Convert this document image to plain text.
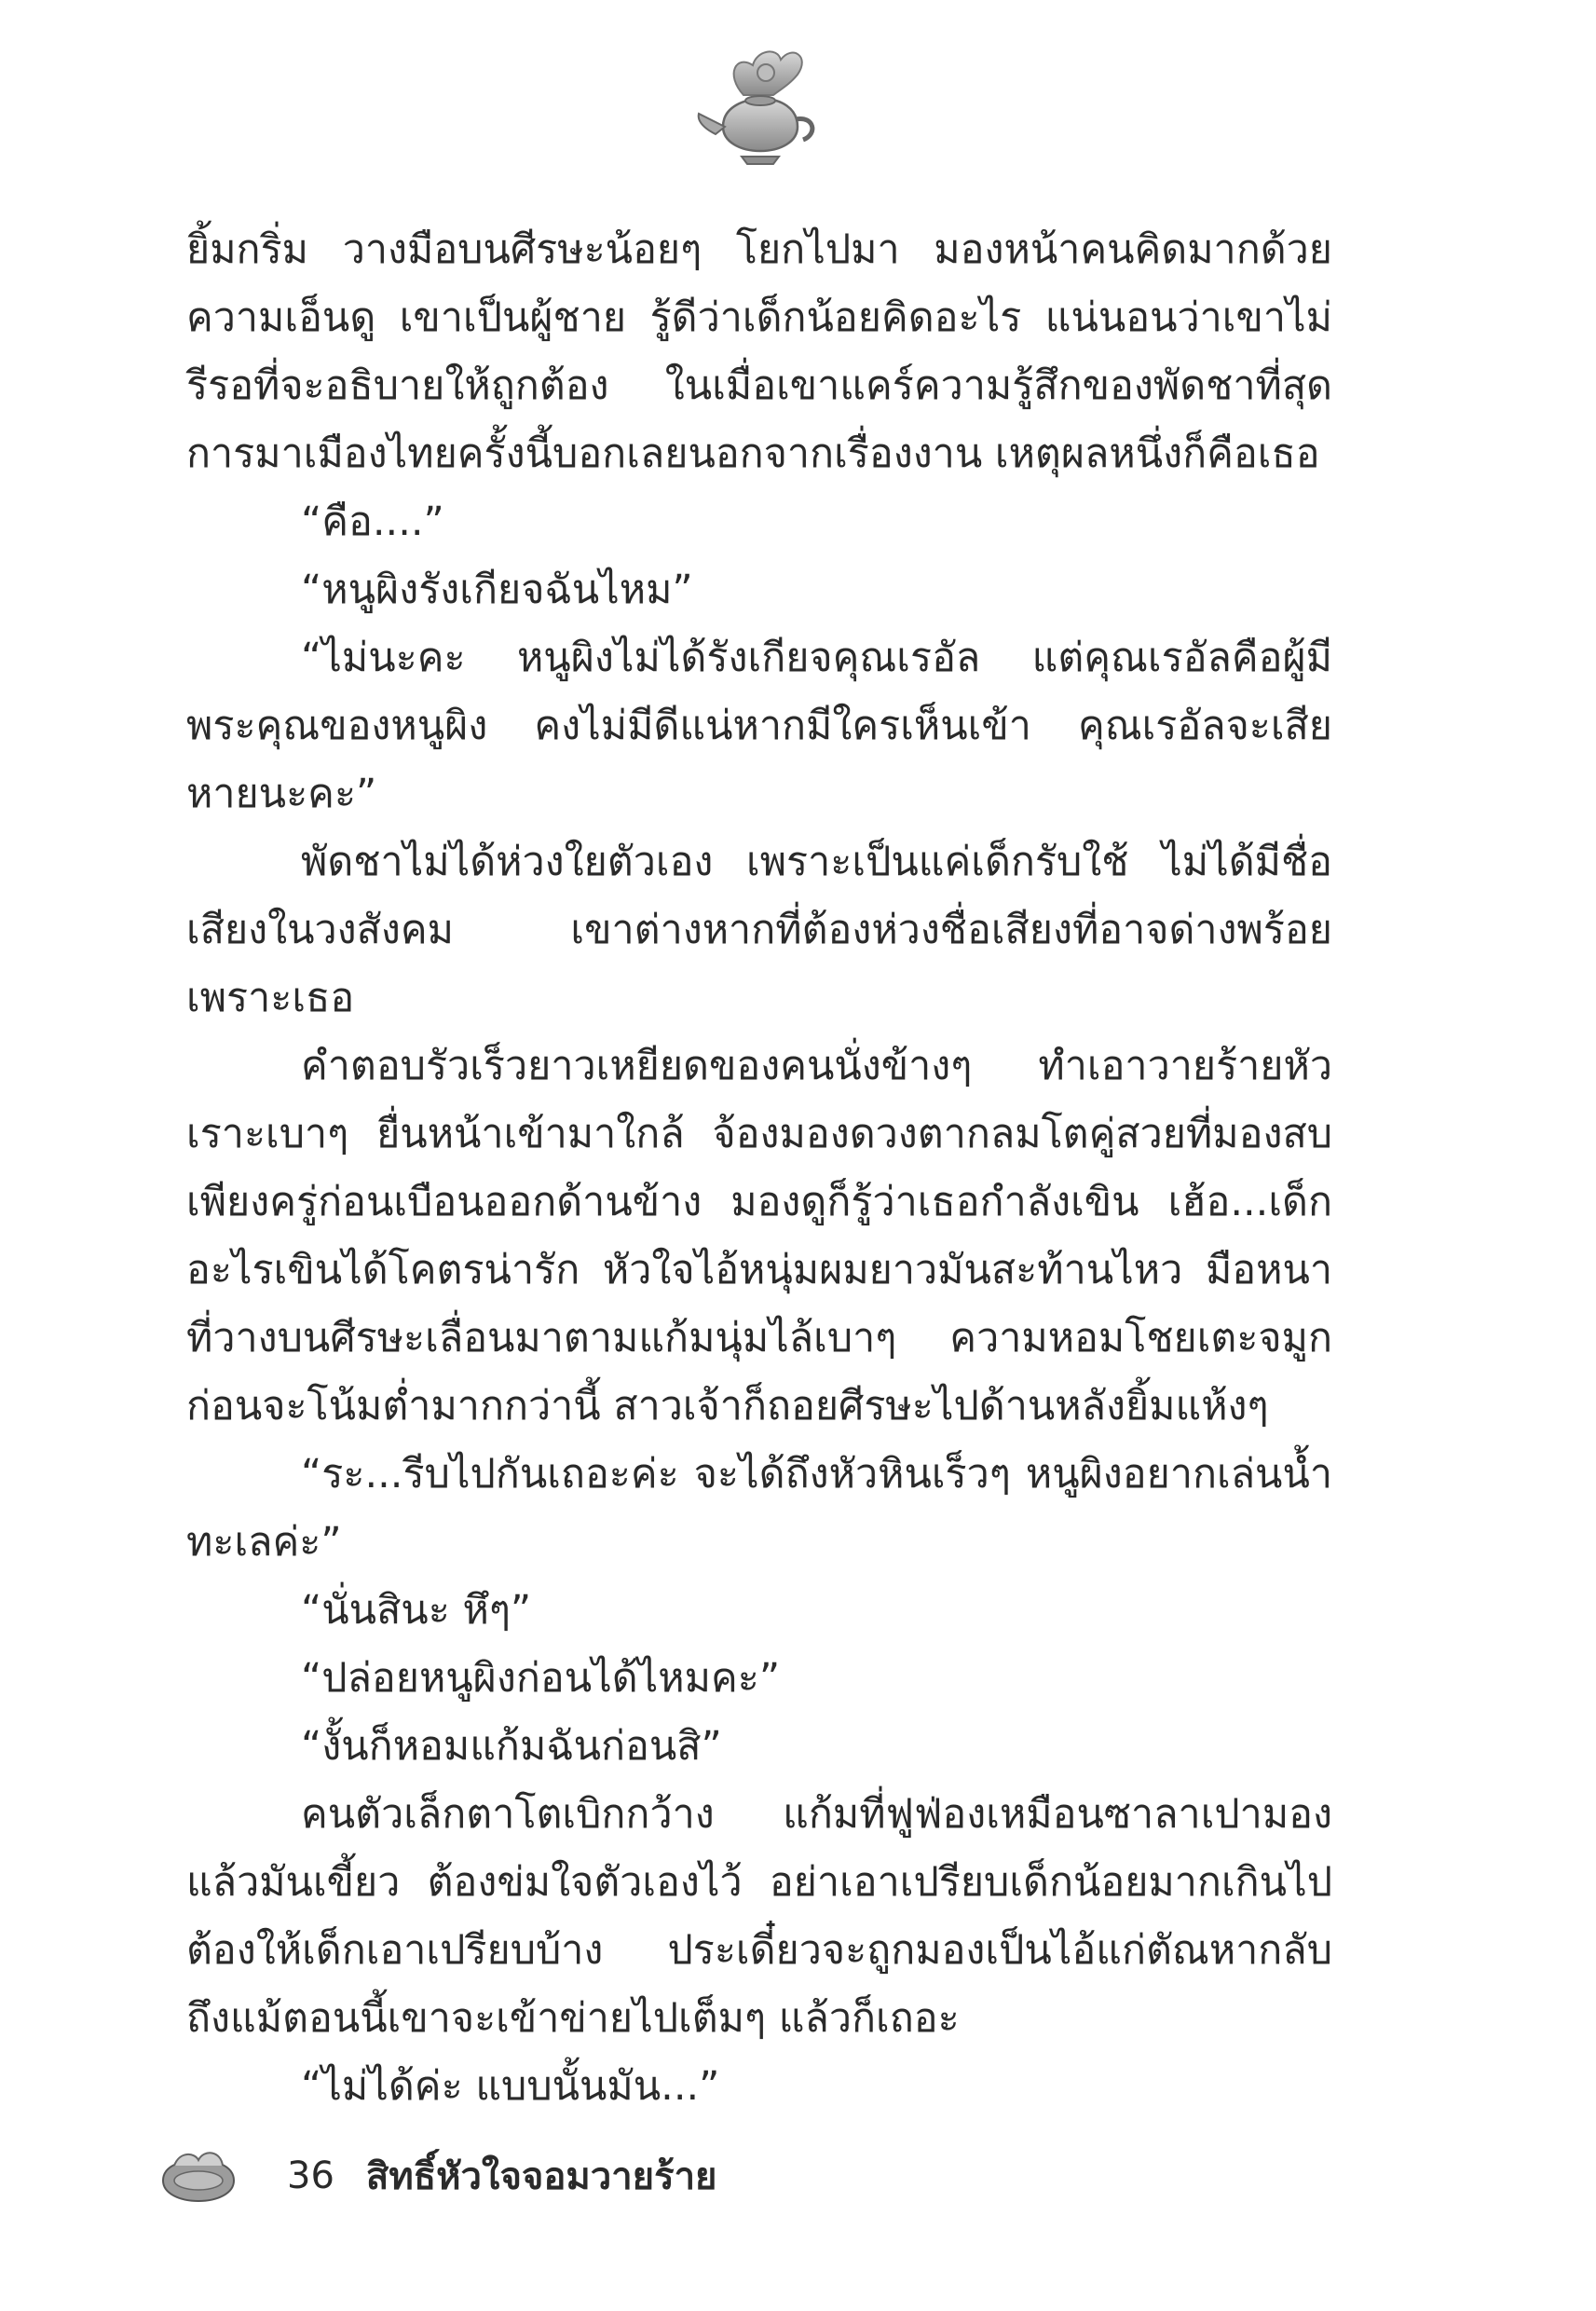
ยิ้มกริ่ม วางมือบนศีรษะน้อยๆ โยกไปมา มองหน้าคนคิดมากด้วยความเอ็นดู เขาเป็นผู้ชาย รู้ดีว่าเด็กน้อยคิดอะไร แน่นอนว่าเขาไม่รีรอที่จะอธิบายให้ถูกต้อง ในเมื่อเขาแคร์ความรู้สึกของพัดชาที่สุด การมาเมืองไทยครั้งนี้บอกเลยนอกจากเรื่องงาน เหตุผลหนึ่งก็คือเธอ

“คือ....”

“หนูผิงรังเกียจฉันไหม”

“ไม่นะคะ หนูผิงไม่ได้รังเกียจคุณเรอัล แต่คุณเรอัลคือผู้มีพระคุณของหนูผิง คงไม่มีดีแน่หากมีใครเห็นเข้า คุณเรอัลจะเสียหายนะคะ”

พัดชาไม่ได้ห่วงใยตัวเอง เพราะเป็นแค่เด็กรับใช้ ไม่ได้มีชื่อเสียงในวงสังคม เขาต่างหากที่ต้องห่วงชื่อเสียงที่อาจด่างพร้อยเพราะเธอ

คำตอบรัวเร็วยาวเหยียดของคนนั่งข้างๆ ทำเอาวายร้ายหัวเราะเบาๆ ยื่นหน้าเข้ามาใกล้ จ้องมองดวงตากลมโตคู่สวยที่มองสบเพียงครู่ก่อนเบือนออกด้านข้าง มองดูก็รู้ว่าเธอกำลังเขิน เฮ้อ...เด็กอะไรเขินได้โคตรน่ารัก หัวใจไอ้หนุ่มผมยาวมันสะท้านไหว มือหนาที่วางบนศีรษะเลื่อนมาตามแก้มนุ่มไล้เบาๆ ความหอมโชยเตะจมูก ก่อนจะโน้มต่ำมากกว่านี้ สาวเจ้าก็ถอยศีรษะไปด้านหลังยิ้มแห้งๆ

“ระ...รีบไปกันเถอะค่ะ จะได้ถึงหัวหินเร็วๆ หนูผิงอยากเล่นน้ำทะเลค่ะ”

“นั่นสินะ หึๆ”

“ปล่อยหนูผิงก่อนได้ไหมคะ”

“งั้นก็หอมแก้มฉันก่อนสิ”

คนตัวเล็กตาโตเบิกกว้าง แก้มที่ฟูฟ่องเหมือนซาลาเปามองแล้วมันเขี้ยว ต้องข่มใจตัวเองไว้ อย่าเอาเปรียบเด็กน้อยมากเกินไป ต้องให้เด็กเอาเปรียบบ้าง ประเดี๋ยวจะถูกมองเป็นไอ้แก่ตัณหากลับ ถึงแม้ตอนนี้เขาจะเข้าข่ายไปเต็มๆ แล้วก็เถอะ

“ไม่ได้ค่ะ แบบนั้นมัน...”

36 สิทธิ์หัวใจจอมวายร้าย
